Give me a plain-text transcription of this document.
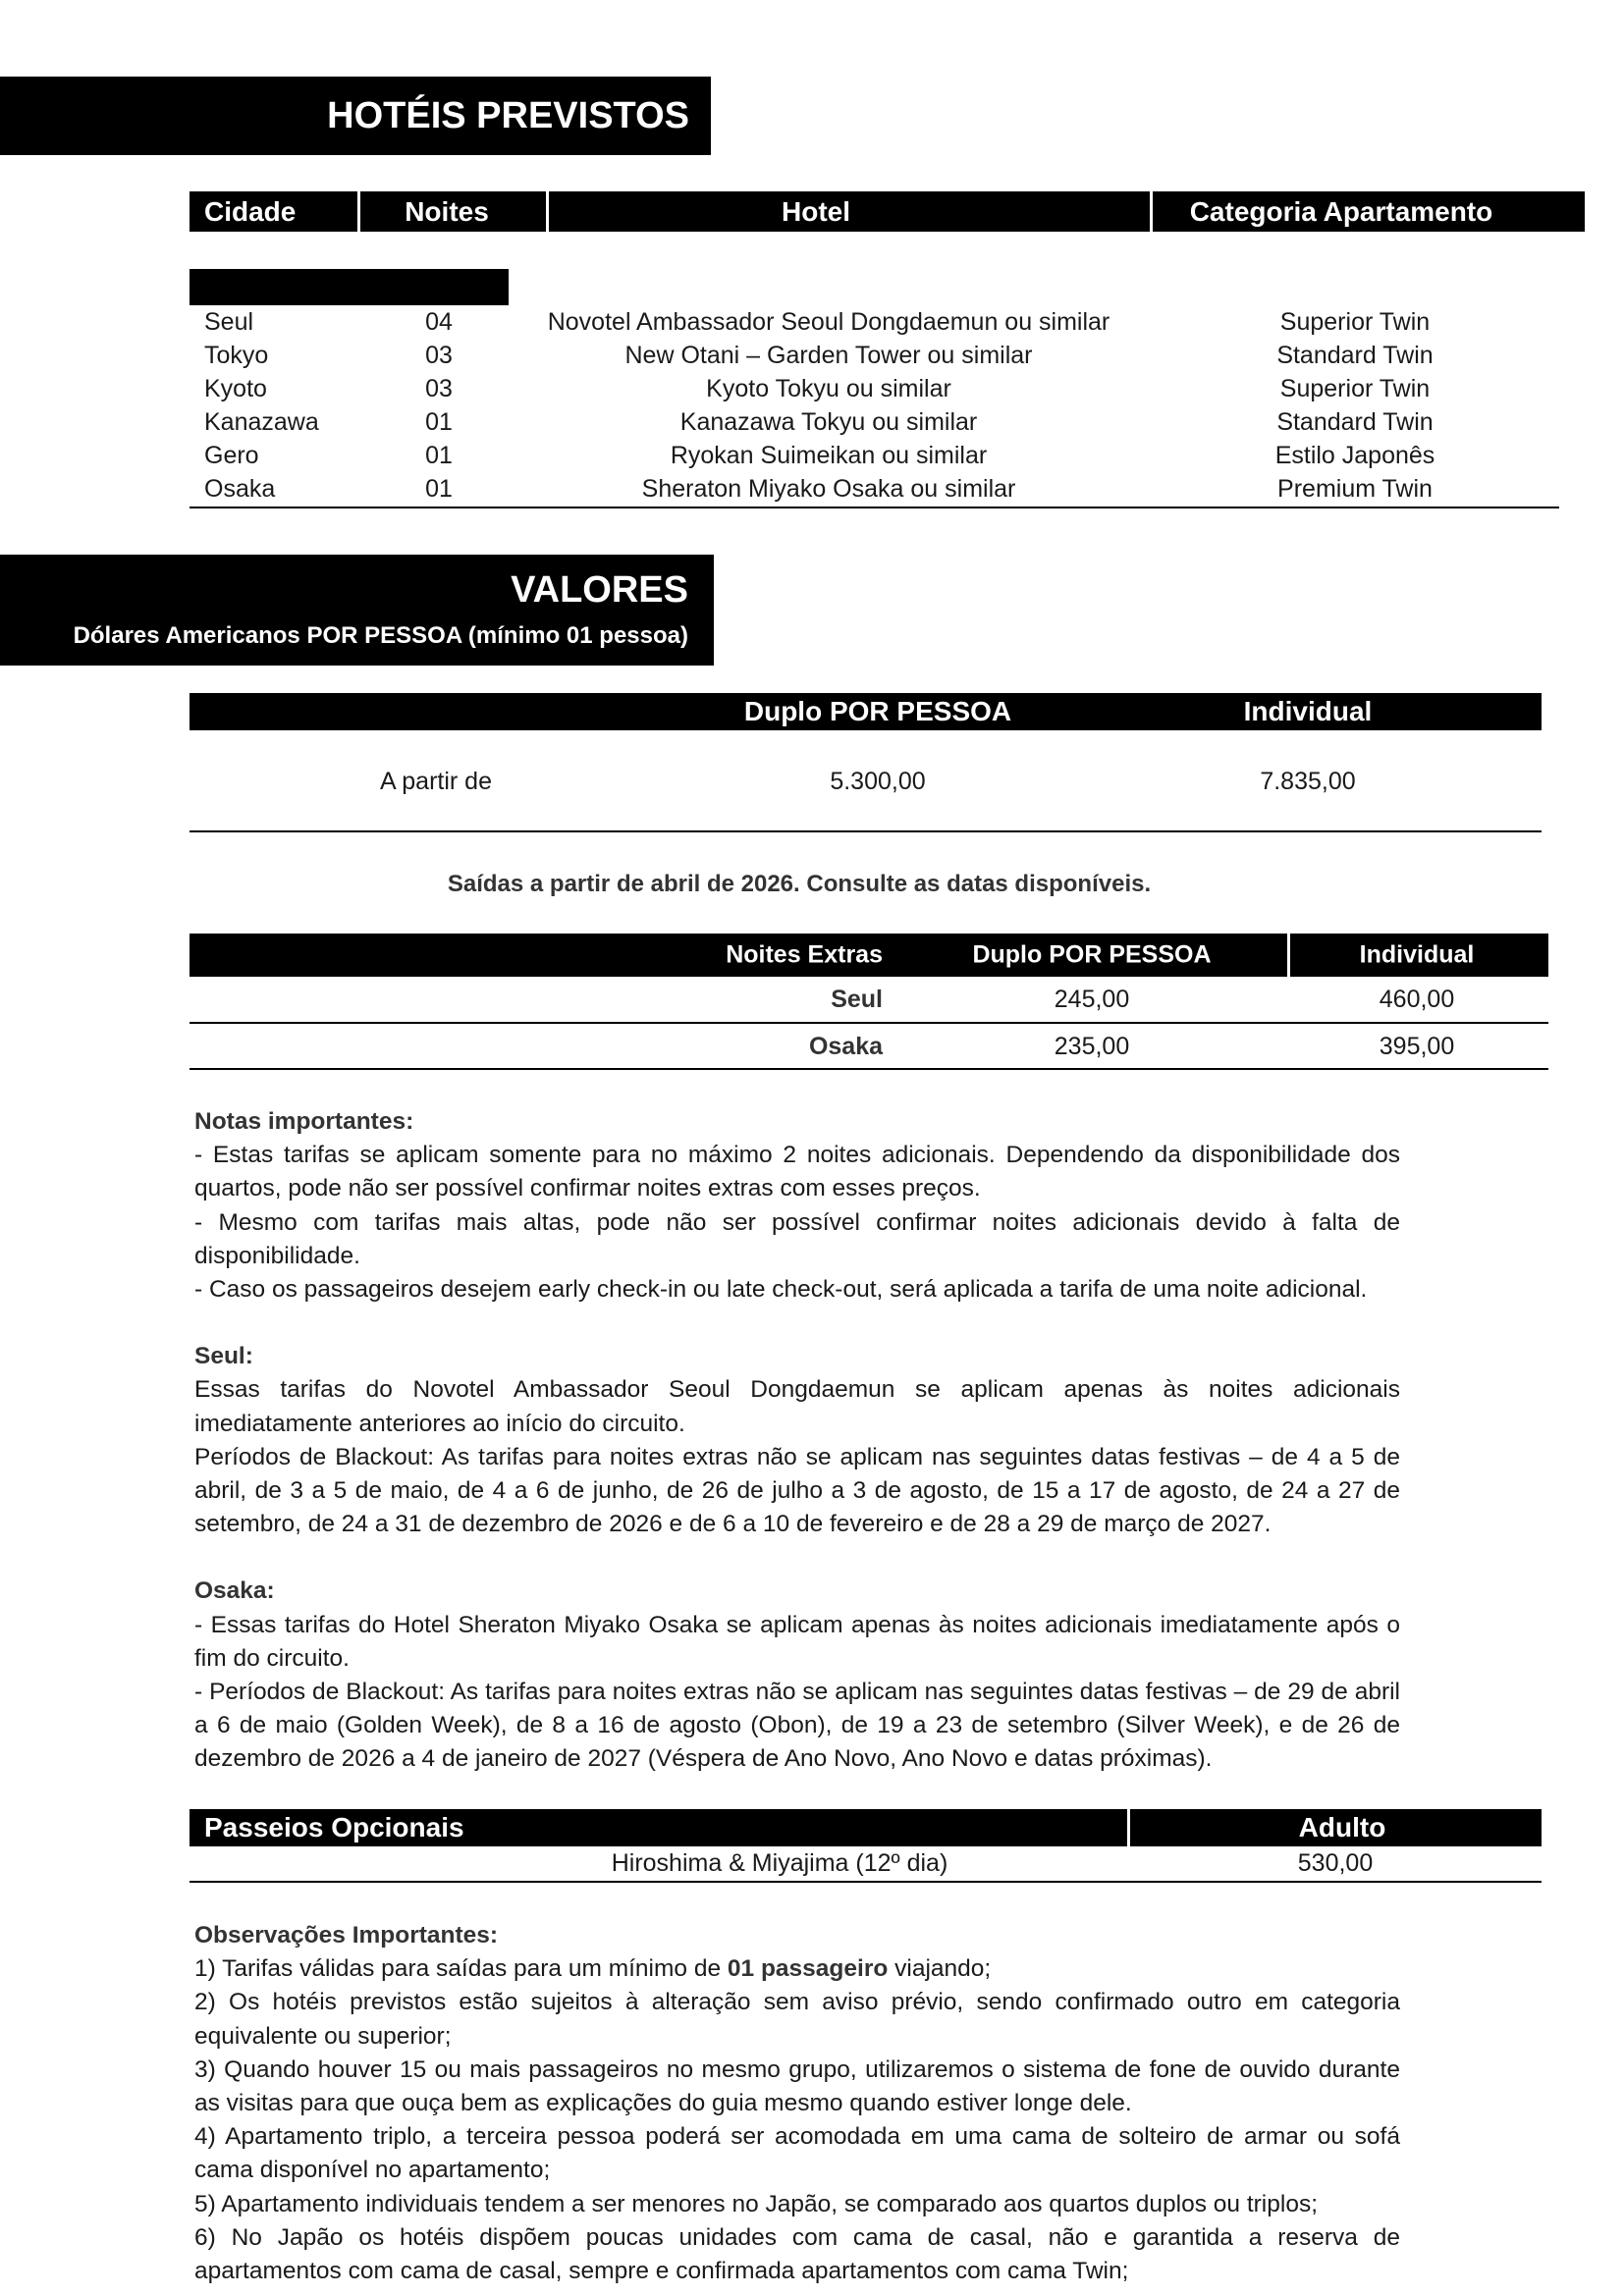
HOTÉIS PREVISTOS
Cidade	Noites	Hotel	Categoria Apartamento
Seul	04	Novotel Ambassador Seoul Dongdaemun ou similar	Superior Twin
Tokyo	03	New Otani – Garden Tower ou similar	Standard Twin
Kyoto	03	Kyoto Tokyu ou similar	Superior Twin
Kanazawa	01	Kanazawa Tokyu ou similar	Standard Twin
Gero	01	Ryokan Suimeikan ou similar	Estilo Japonês
Osaka	01	Sheraton Miyako Osaka ou similar	Premium Twin
VALORES
Dólares Americanos POR PESSOA (mínimo 01 pessoa)
Duplo POR PESSOA	Individual
A partir de	5.300,00	7.835,00
Saídas a partir de abril de 2026. Consulte as datas disponíveis.
Noites Extras	Duplo POR PESSOA	Individual
Seul	245,00	460,00
Osaka	235,00	395,00

Notas importantes:

- Estas tarifas se aplicam somente para no máximo 2 noites adicionais. Dependendo da disponibilidade dos quartos, pode não ser possível confirmar noites extras com esses preços.

- Mesmo com tarifas mais altas, pode não ser possível confirmar noites adicionais devido à falta de disponibilidade.

- Caso os passageiros desejem early check-in ou late check-out, será aplicada a tarifa de uma noite adicional.

Seul:

Essas tarifas do Novotel Ambassador Seoul Dongdaemun se aplicam apenas às noites adicionais imediatamente anteriores ao início do circuito.

Períodos de Blackout: As tarifas para noites extras não se aplicam nas seguintes datas festivas – de 4 a 5 de abril, de 3 a 5 de maio, de 4 a 6 de junho, de 26 de julho a 3 de agosto, de 15 a 17 de agosto, de 24 a 27 de setembro, de 24 a 31 de dezembro de 2026 e de 6 a 10 de fevereiro e de 28 a 29 de março de 2027.

Osaka:

- Essas tarifas do Hotel Sheraton Miyako Osaka se aplicam apenas às noites adicionais imediatamente após o fim do circuito.

- Períodos de Blackout: As tarifas para noites extras não se aplicam nas seguintes datas festivas – de 29 de abril a 6 de maio (Golden Week), de 8 a 16 de agosto (Obon), de 19 a 23 de setembro (Silver Week), e de 26 de dezembro de 2026 a 4 de janeiro de 2027 (Véspera de Ano Novo, Ano Novo e datas próximas).

Passeios Opcionais	Adulto
Hiroshima & Miyajima (12º dia)	530,00

Observações Importantes:

1) Tarifas válidas para saídas para um mínimo de 01 passageiro viajando;

2) Os hotéis previstos estão sujeitos à alteração sem aviso prévio, sendo confirmado outro em categoria equivalente ou superior;

3) Quando houver 15 ou mais passageiros no mesmo grupo, utilizaremos o sistema de fone de ouvido durante as visitas para que ouça bem as explicações do guia mesmo quando estiver longe dele.

4) Apartamento triplo, a terceira pessoa poderá ser acomodada em uma cama de solteiro de armar ou sofá cama disponível no apartamento;

5) Apartamento individuais tendem a ser menores no Japão, se comparado aos quartos duplos ou triplos;

6) No Japão os hotéis dispõem poucas unidades com cama de casal, não e garantida a reserva de apartamentos com cama de casal, sempre e confirmada apartamentos com cama Twin;
